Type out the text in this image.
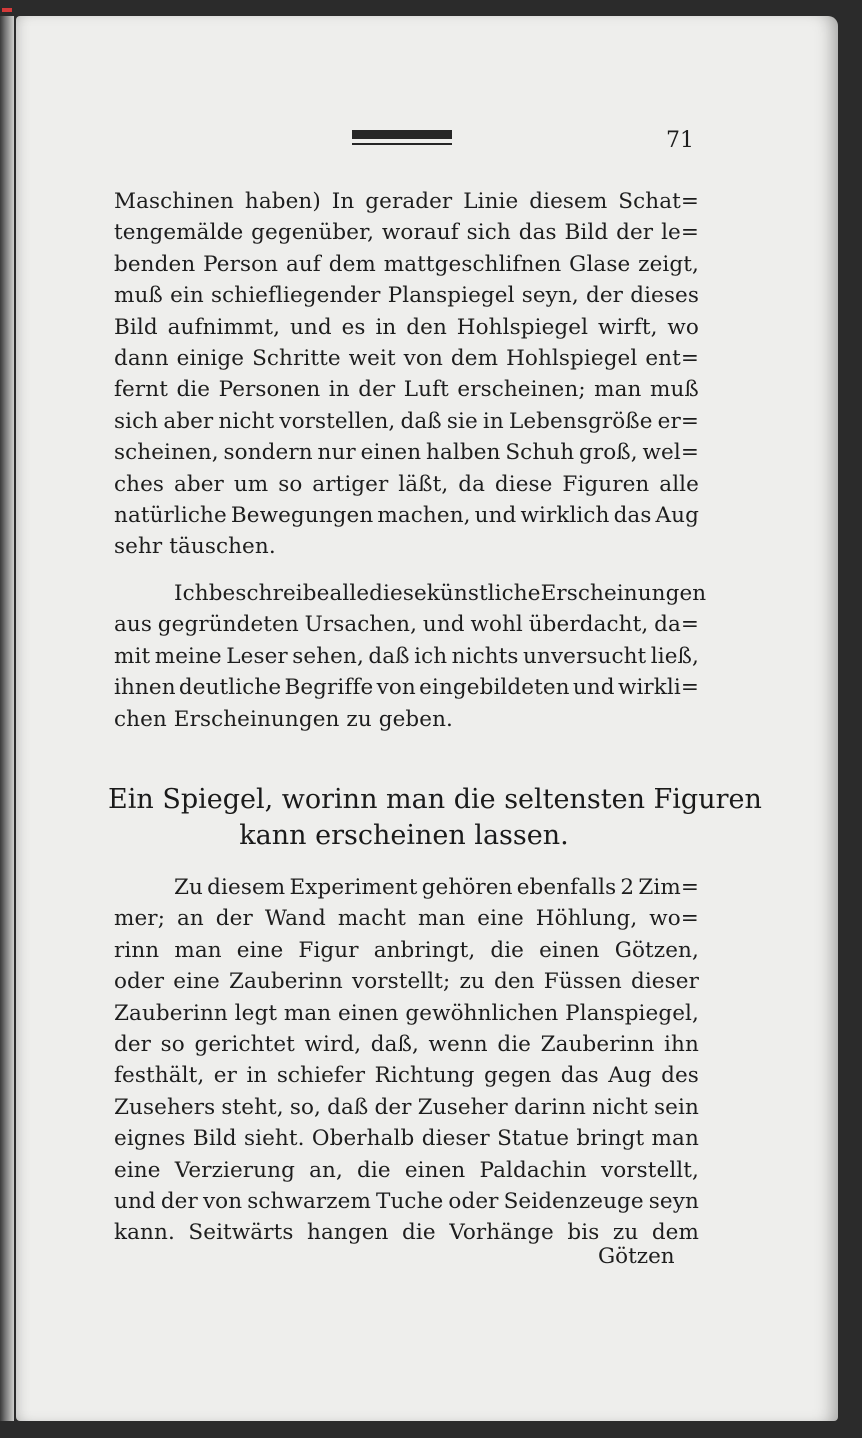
71
Maschinen haben) In gerader Linie diesem Schat=
tengemälde gegenüber, worauf sich das Bild der le=
benden Person auf dem mattgeschlifnen Glase zeigt,
muß ein schiefliegender Planspiegel seyn, der dieses
Bild aufnimmt, und es in den Hohlspiegel wirft, wo
dann einige Schritte weit von dem Hohlspiegel ent=
fernt die Personen in der Luft erscheinen; man muß
sich aber nicht vorstellen, daß sie in Lebensgröße er=
scheinen, sondern nur einen halben Schuh groß, wel=
ches aber um so artiger läßt, da diese Figuren alle
natürliche Bewegungen machen, und wirklich das Aug
sehr täuschen.
Ich beschreibe alle diese künstliche Erscheinungen
aus gegründeten Ursachen, und wohl überdacht, da=
mit meine Leser sehen, daß ich nichts unversucht ließ,
ihnen deutliche Begriffe von eingebildeten und wirkli=
chen Erscheinungen zu geben.
Ein Spiegel, worinn man die seltensten Figuren
kann erscheinen lassen.
Zu diesem Experiment gehören ebenfalls 2 Zim=
mer; an der Wand macht man eine Höhlung, wo=
rinn man eine Figur anbringt, die einen Götzen,
oder eine Zauberinn vorstellt; zu den Füssen dieser
Zauberinn legt man einen gewöhnlichen Planspiegel,
der so gerichtet wird, daß, wenn die Zauberinn ihn
festhält, er in schiefer Richtung gegen das Aug des
Zusehers steht, so, daß der Zuseher darinn nicht sein
eignes Bild sieht. Oberhalb dieser Statue bringt man
eine Verzierung an, die einen Paldachin vorstellt,
und der von schwarzem Tuche oder Seidenzeuge seyn
kann. Seitwärts hangen die Vorhänge bis zu dem
Götzen
